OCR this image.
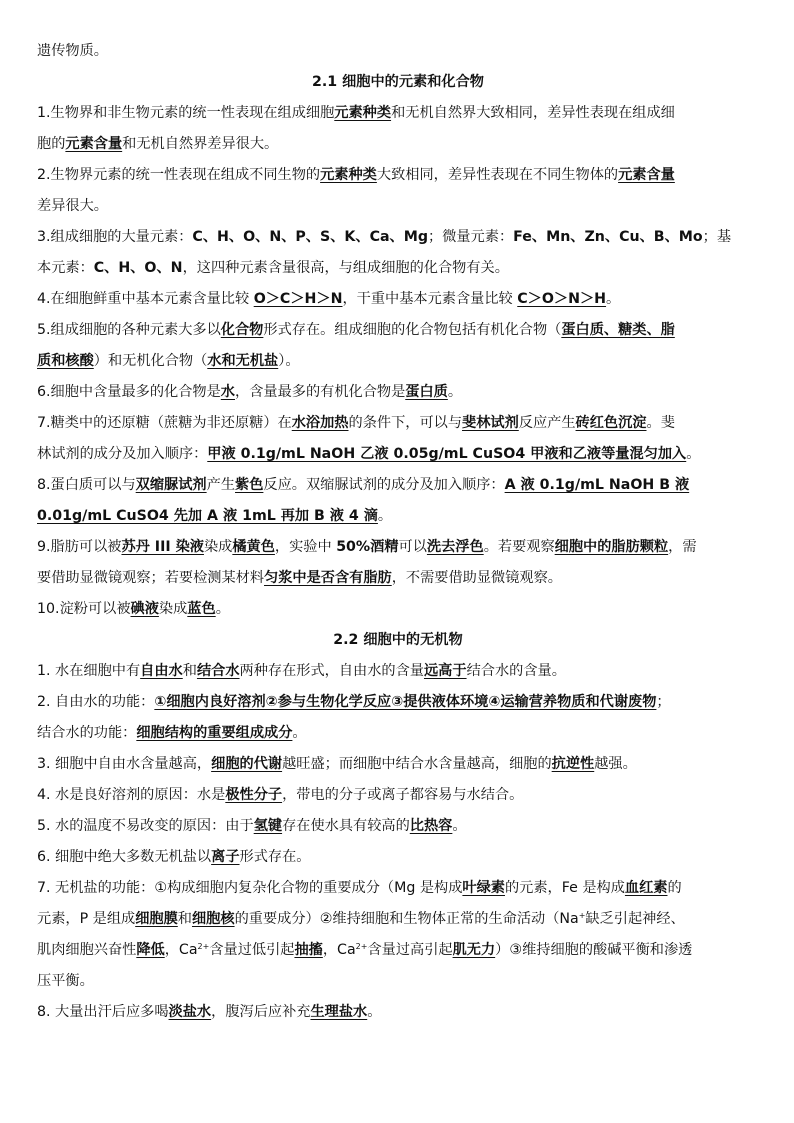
遗传物质。
2.1 细胞中的元素和化合物
1.生物界和非生物元素的统一性表现在组成细胞元素种类和无机自然界大致相同，差异性表现在组成细
胞的元素含量和无机自然界差异很大。
2.生物界元素的统一性表现在组成不同生物的元素种类大致相同，差异性表现在不同生物体的元素含量
差异很大。
3.组成细胞的大量元素：C、H、O、N、P、S、K、Ca、Mg；微量元素：Fe、Mn、Zn、Cu、B、Mo；基
本元素：C、H、O、N，这四种元素含量很高，与组成细胞的化合物有关。
4.在细胞鲜重中基本元素含量比较 O＞C＞H＞N，干重中基本元素含量比较 C＞O＞N＞H。
5.组成细胞的各种元素大多以化合物形式存在。组成细胞的化合物包括有机化合物（蛋白质、糖类、脂
质和核酸）和无机化合物（水和无机盐）。
6.细胞中含量最多的化合物是水，含量最多的有机化合物是蛋白质。
7.糖类中的还原糖（蔗糖为非还原糖）在水浴加热的条件下，可以与斐林试剂反应产生砖红色沉淀。斐
林试剂的成分及加入顺序：甲液 0.1g/mL NaOH 乙液 0.05g/mL CuSO4 甲液和乙液等量混匀加入。
8.蛋白质可以与双缩脲试剂产生紫色反应。双缩脲试剂的成分及加入顺序：A 液 0.1g/mL NaOH B 液
0.01g/mL CuSO4 先加 A 液 1mL 再加 B 液 4 滴。
9.脂肪可以被苏丹 III 染液染成橘黄色，实验中 50%酒精可以洗去浮色。若要观察细胞中的脂肪颗粒，需
要借助显微镜观察；若要检测某材料匀浆中是否含有脂肪，不需要借助显微镜观察。
10.淀粉可以被碘液染成蓝色。
2.2 细胞中的无机物
1. 水在细胞中有自由水和结合水两种存在形式，自由水的含量远高于结合水的含量。
2. 自由水的功能：①细胞内良好溶剂②参与生物化学反应③提供液体环境④运输营养物质和代谢废物；
结合水的功能：细胞结构的重要组成成分。
3. 细胞中自由水含量越高，细胞的代谢越旺盛；而细胞中结合水含量越高，细胞的抗逆性越强。
4. 水是良好溶剂的原因：水是极性分子，带电的分子或离子都容易与水结合。
5. 水的温度不易改变的原因：由于氢键存在使水具有较高的比热容。
6. 细胞中绝大多数无机盐以离子形式存在。
7. 无机盐的功能：①构成细胞内复杂化合物的重要成分（Mg 是构成叶绿素的元素，Fe 是构成血红素的
元素，P 是组成细胞膜和细胞核的重要成分）②维持细胞和生物体正常的生命活动（Na+缺乏引起神经、
肌肉细胞兴奋性降低，$Ca^{2+}$含量过低引起抽搐，$Ca^{2+}$含量过高引起肌无力）③维持细胞的酸碱平衡和渗透
压平衡。
8. 大量出汗后应多喝淡盐水，腹泻后应补充生理盐水。
